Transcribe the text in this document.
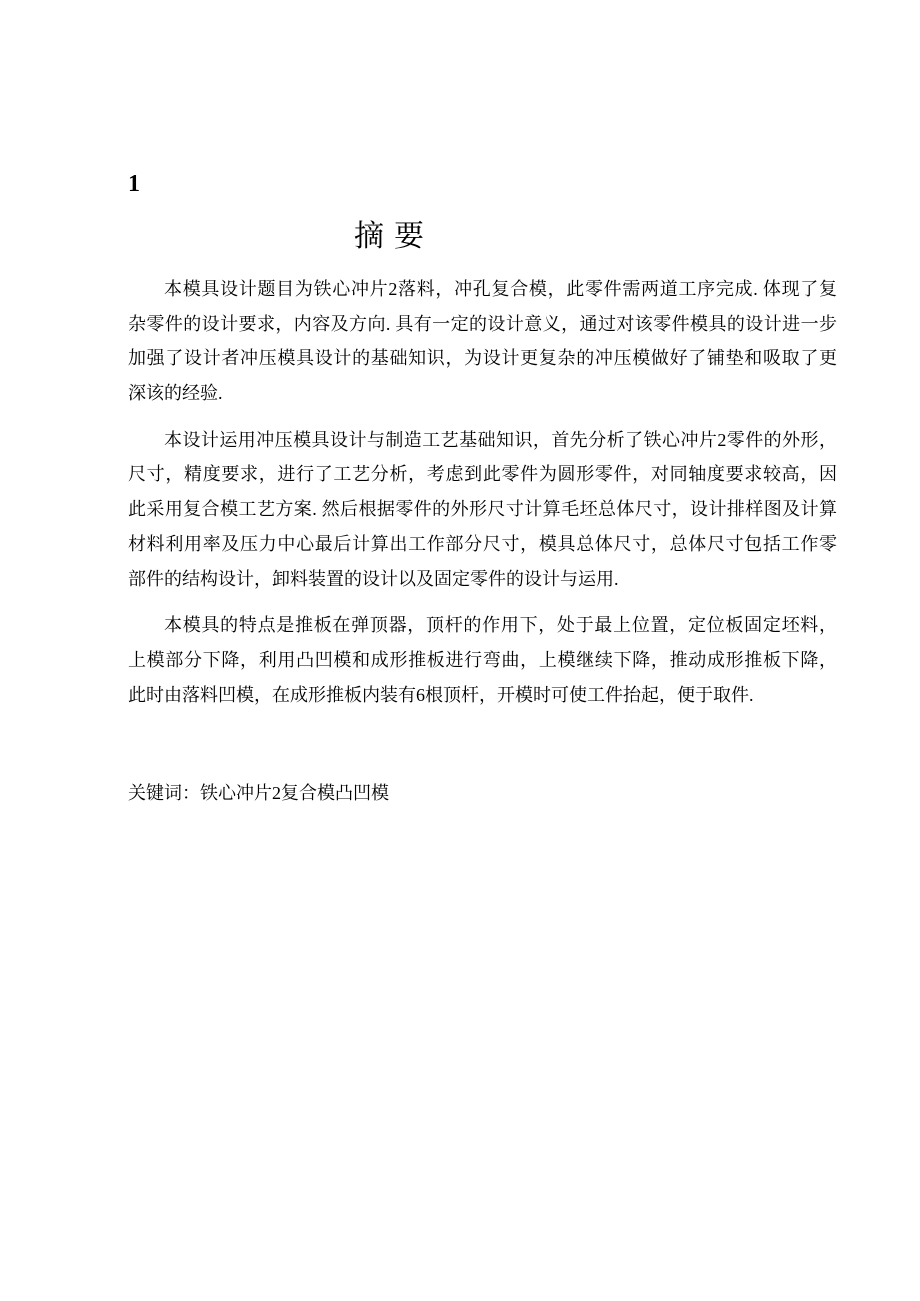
1
摘要
本模具设计题目为铁心冲片2落料，冲孔复合模，此零件需两道工序完成. 体现了复
杂零件的设计要求，内容及方向. 具有一定的设计意义，通过对该零件模具的设计进一步
加强了设计者冲压模具设计的基础知识，为设计更复杂的冲压模做好了铺垫和吸取了更
深该的经验.
本设计运用冲压模具设计与制造工艺基础知识，首先分析了铁心冲片2零件的外形，
尺寸，精度要求，进行了工艺分析，考虑到此零件为圆形零件，对同轴度要求较高，因
此采用复合模工艺方案. 然后根据零件的外形尺寸计算毛坯总体尺寸，设计排样图及计算
材料利用率及压力中心最后计算出工作部分尺寸，模具总体尺寸，总体尺寸包括工作零
部件的结构设计，卸料装置的设计以及固定零件的设计与运用.
本模具的特点是推板在弹顶器，顶杆的作用下，处于最上位置，定位板固定坯料，
上模部分下降，利用凸凹模和成形推板进行弯曲，上模继续下降，推动成形推板下降，
此时由落料凹模，在成形推板内装有6根顶杆，开模时可使工件抬起，便于取件.
关键词：铁心冲片2复合模凸凹模
